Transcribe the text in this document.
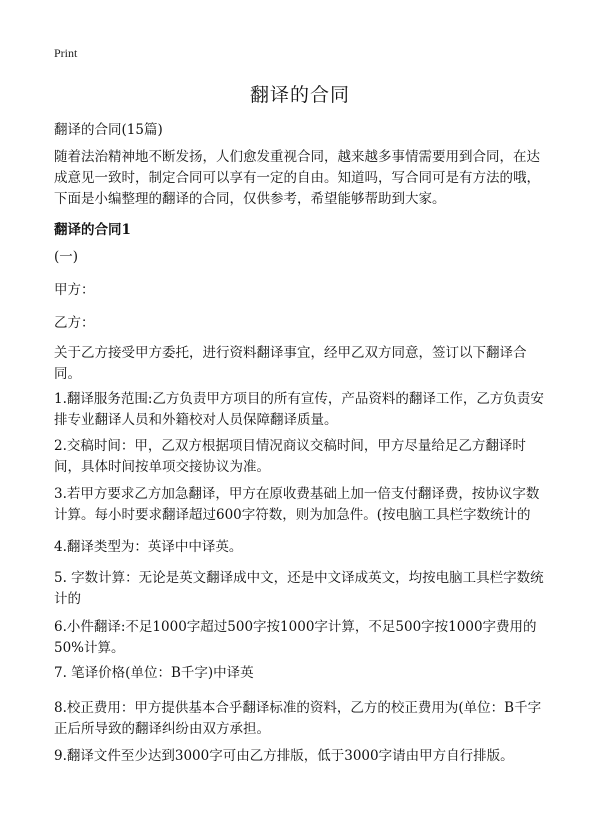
Print
翻译的合同

翻译的合同(15篇)

随着法治精神地不断发扬，人们愈发重视合同，越来越多事情需要用到合同，在达成意见一致时，制定合同可以享有一定的自由。知道吗，写合同可是有方法的哦，下面是小编整理的翻译的合同，仅供参考，希望能够帮助到大家。

翻译的合同1

(一)

甲方：

乙方：

关于乙方接受甲方委托，进行资料翻译事宜，经甲乙双方同意，签订以下翻译合同。

1.翻译服务范围:乙方负责甲方项目的所有宣传，产品资料的翻译工作，乙方负责安排专业翻译人员和外籍校对人员保障翻译质量。

2.交稿时间：甲，乙双方根据项目情况商议交稿时间，甲方尽量给足乙方翻译时间，具体时间按单项交接协议为准。

3.若甲方要求乙方加急翻译，甲方在原收费基础上加一倍支付翻译费，按协议字数计算。每小时要求翻译超过600字符数，则为加急件。(按电脑工具栏字数统计的

4.翻译类型为：英译中中译英。

5. 字数计算：无论是英文翻译成中文，还是中文译成英文，均按电脑工具栏字数统计的

6.小件翻译:不足1000字超过500字按1000字计算，不足500字按1000字费用的50%计算。

7. 笔译价格(单位：B千字)中译英

8.校正费用：甲方提供基本合乎翻译标准的资料，乙方的校正费用为(单位：B千字正后所导致的翻译纠纷由双方承担。

9.翻译文件至少达到3000字可由乙方排版，低于3000字请由甲方自行排版。
